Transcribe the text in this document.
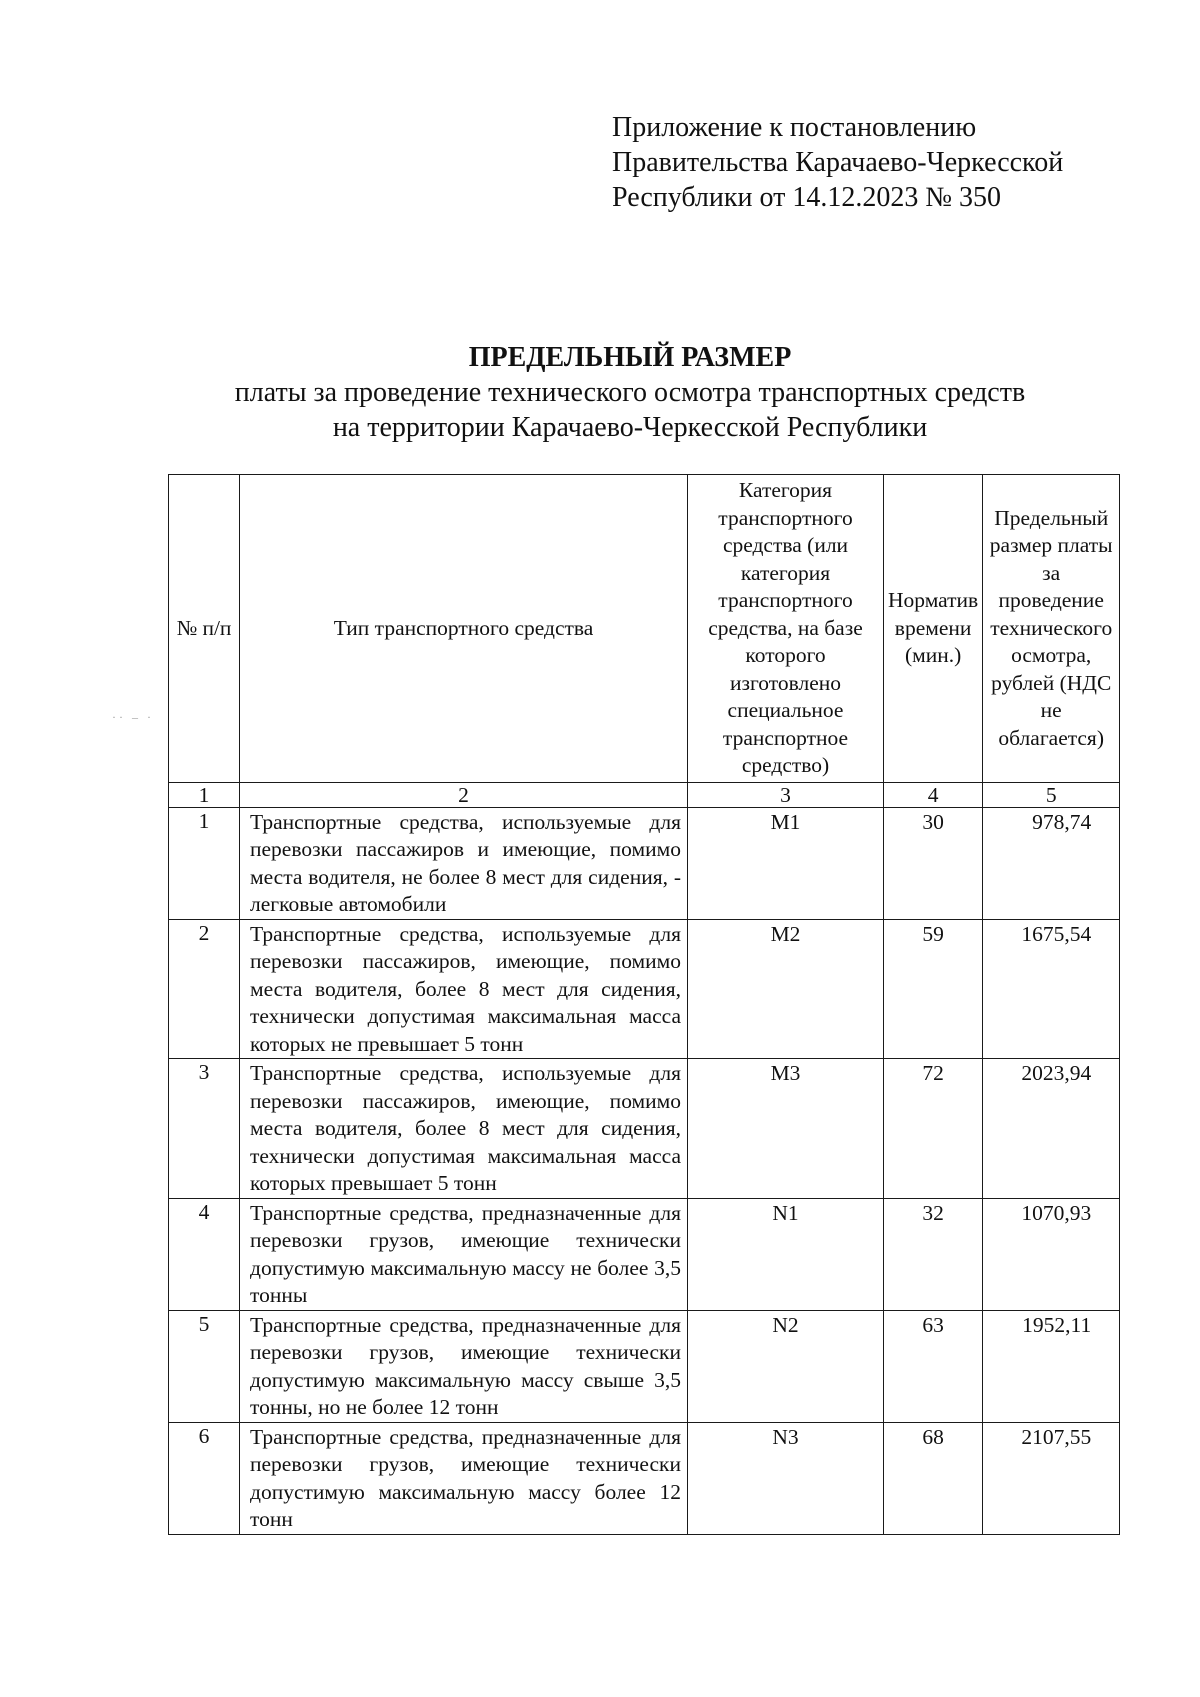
Приложение к постановлению
Правительства Карачаево-Черкесской
Республики от 14.12.2023 № 350
·· – ·
ПРЕДЕЛЬНЫЙ РАЗМЕР
платы за проведение технического осмотра транспортных средств
на территории Карачаево-Черкесской Республики
№ п/п	Тип транспортного средства	Категория транспортного средства (или категория транспортного средства, на базе которого изготовлено специальное транспортное средство)	Норматив времени (мин.)	Предельный размер платы за проведение технического осмотра, рублей (НДС не облагается)
1	2	3	4	5
1	Транспортные средства, используемые для перевозки пассажиров и имеющие, помимо места водителя, не более 8 мест для сидения, - легковые автомобили	М1	30	978,74
2	Транспортные средства, используемые для перевозки пассажиров, имеющие, помимо места водителя, более 8 мест для сидения, технически допустимая максимальная масса которых не превышает 5 тонн	М2	59	1675,54
3	Транспортные средства, используемые для перевозки пассажиров, имеющие, помимо места водителя, более 8 мест для сидения, технически допустимая максимальная масса которых превышает 5 тонн	М3	72	2023,94
4	Транспортные средства, предназначенные для перевозки грузов, имеющие технически допустимую максимальную массу не более 3,5 тонны	N1	32	1070,93
5	Транспортные средства, предназначенные для перевозки грузов, имеющие технически допустимую максимальную массу свыше 3,5 тонны, но не более 12 тонн	N2	63	1952,11
6	Транспортные средства, предназначенные для перевозки грузов, имеющие технически допустимую максимальную массу более 12 тонн	N3	68	2107,55
